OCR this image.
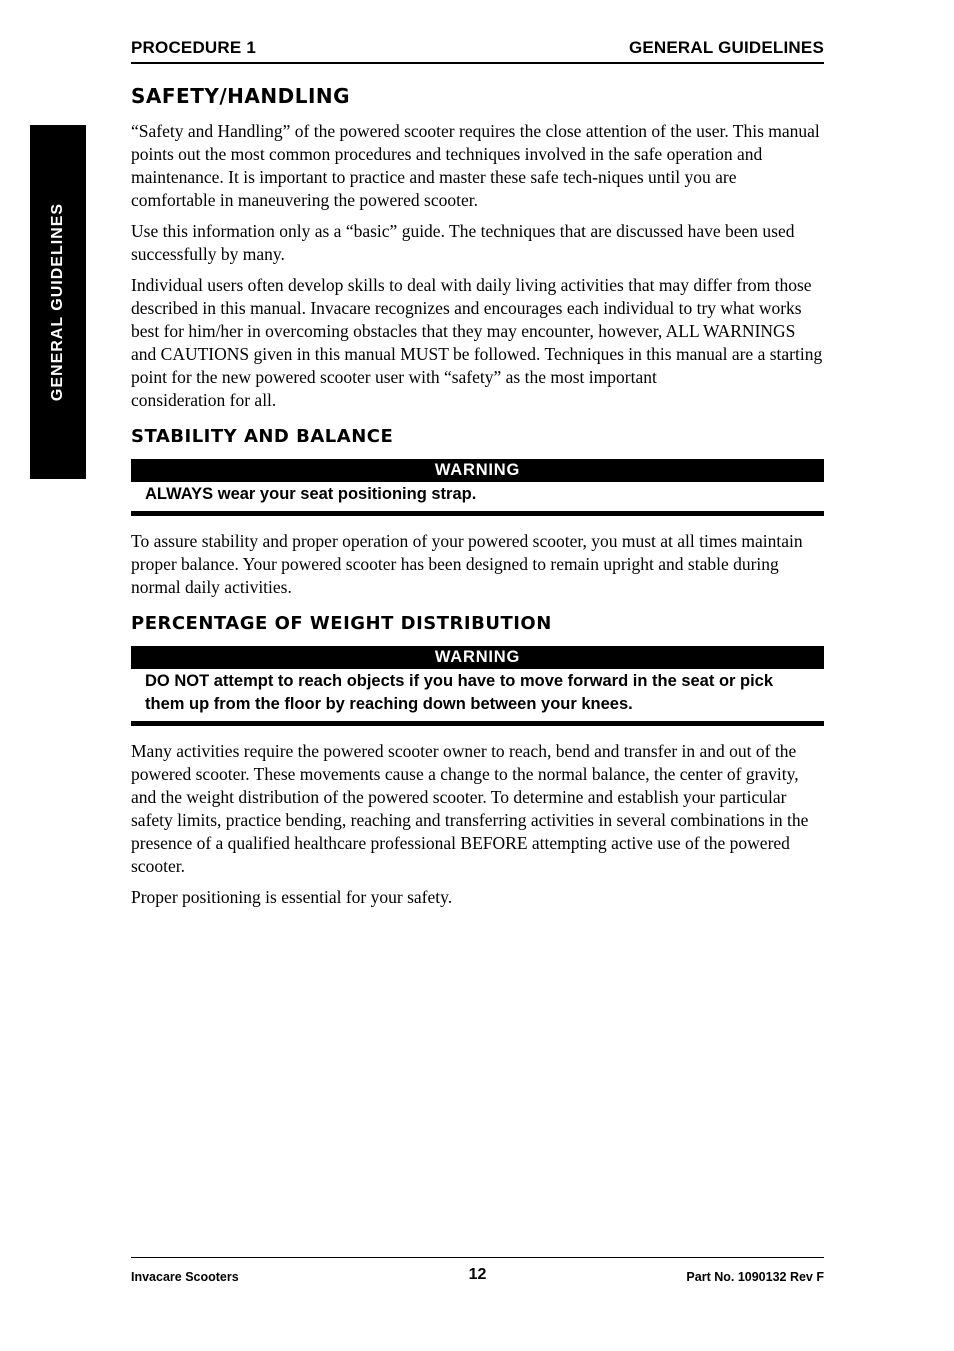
PROCEDURE 1	GENERAL GUIDELINES
GENERAL GUIDELINES
SAFETY/HANDLING

“Safety and Handling” of the powered scooter requires the close attention of the user. This manual points out the most common procedures and techniques involved in the safe operation and maintenance. It is important to practice and master these safe tech-niques until you are comfortable in maneuvering the powered scooter.

Use this information only as a “basic” guide. The techniques that are discussed have been used successfully by many.

Individual users often develop skills to deal with daily living activities that may differ from those described in this manual. Invacare recognizes and encourages each individual to try what works best for him/her in overcoming obstacles that they may encounter, however, ALL WARNINGS and CAUTIONS given in this manual MUST be followed. Techniques in this manual are a starting point for the new powered scooter user with “safety” as the most important

consideration for all.

STABILITY AND BALANCE
WARNING
ALWAYS wear your seat positioning strap.

To assure stability and proper operation of your powered scooter, you must at all times maintain proper balance. Your powered scooter has been designed to remain upright and stable during normal daily activities.

PERCENTAGE OF WEIGHT DISTRIBUTION
WARNING
DO NOT attempt to reach objects if you have to move forward in the seat or pick them up from the floor by reaching down between your knees.

Many activities require the powered scooter owner to reach, bend and transfer in and out of the powered scooter. These movements cause a change to the normal balance, the center of gravity, and the weight distribution of the powered scooter. To determine and establish your particular safety limits, practice bending, reaching and transferring activities in several combinations in the presence of a qualified healthcare professional BEFORE attempting active use of the powered scooter.

Proper positioning is essential for your safety.

Invacare Scooters	12	Part No. 1090132 Rev F
